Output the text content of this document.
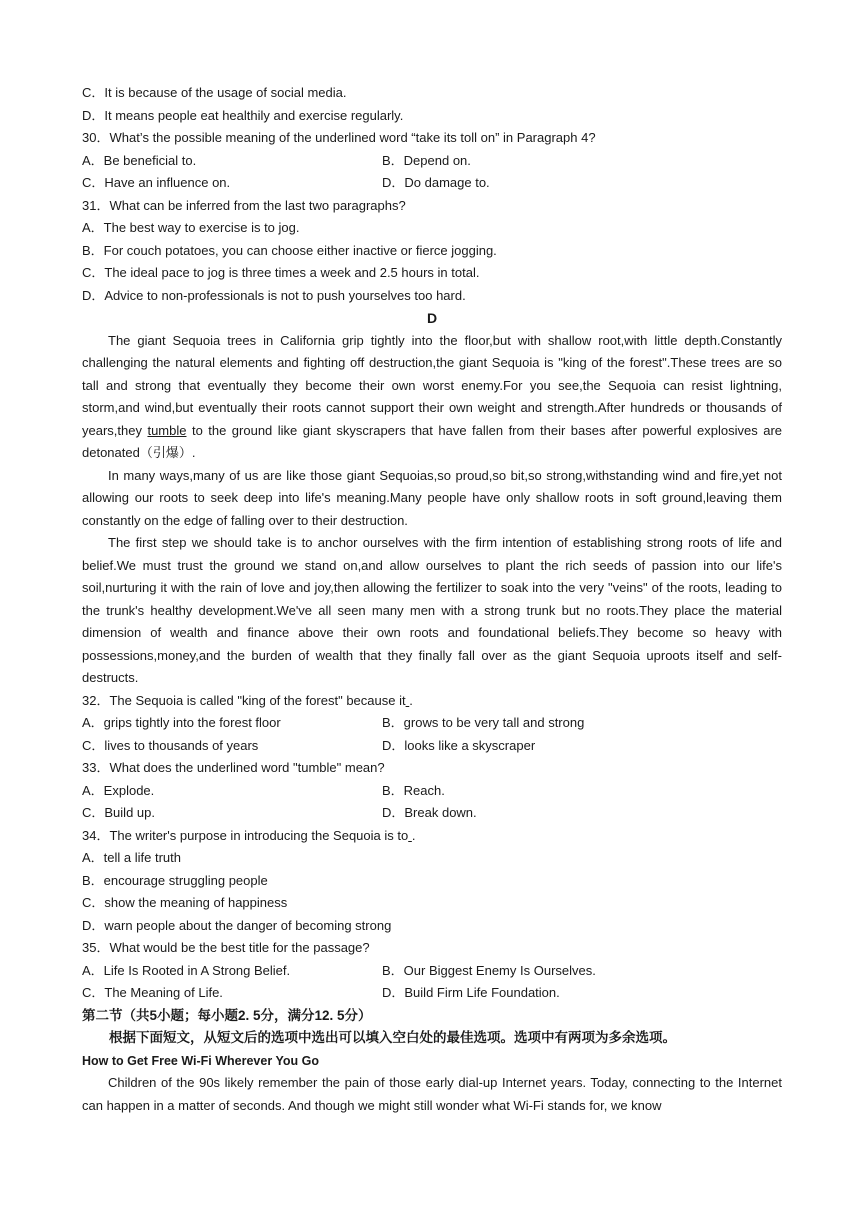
C．It is because of the usage of social media.
D．It means people eat healthily and exercise regularly.
30．What’s the possible meaning of the underlined word “take its toll on” in Paragraph 4?
A．Be beneficial to.	B．Depend on.
C．Have an influence on.	D．Do damage to.
31．What can be inferred from the last two paragraphs?
A．The best way to exercise is to jog.
B．For couch potatoes, you can choose either inactive or fierce jogging.
C．The ideal pace to jog is three times a week and 2.5 hours in total.
D．Advice to non-professionals is not to push yourselves too hard.
D

The giant Sequoia trees in California grip tightly into the floor,but with shallow root,with little depth.Constantly challenging the natural elements and fighting off destruction,the giant Sequoia is "king of the forest".These trees are so tall and strong that eventually they become their own worst enemy.For you see,the Sequoia can resist lightning, storm,and wind,but eventually their roots cannot support their own weight and strength.After hundreds or thousands of years,they tumble to the ground like giant skyscrapers that have fallen from their bases after powerful explosives are detonated（引爆）.

In many ways,many of us are like those giant Sequoias,so proud,so bit,so strong,withstanding wind and fire,yet not allowing our roots to seek deep into life's meaning.Many people have only shallow roots in soft ground,leaving them constantly on the edge of falling over to their destruction.

The first step we should take is to anchor ourselves with the firm intention of establishing strong roots of life and belief.We must trust the ground we stand on,and allow ourselves to plant the rich seeds of passion into our life's soil,nurturing it with the rain of love and joy,then allowing the fertilizer to soak into the very "veins" of the roots, leading to the trunk's healthy development.We've all seen many men with a strong trunk but no roots.They place the material dimension of wealth and finance above their own roots and foundational beliefs.They become so heavy with possessions,money,and the burden of wealth that they finally fall over as the giant Sequoia uproots itself and self-destructs.

32．The Sequoia is called "king of the forest" because it .
A．grips tightly into the forest floor	B．grows to be very tall and strong
C．lives to thousands of years	D．looks like a skyscraper
33．What does the underlined word "tumble" mean?
A．Explode.	B．Reach.
C．Build up.	D．Break down.
34．The writer's purpose in introducing the Sequoia is to .
A．tell a life truth
B．encourage struggling people
C．show the meaning of happiness
D．warn people about the danger of becoming strong
35．What would be the best title for the passage?
A．Life Is Rooted in A Strong Belief.	B．Our Biggest Enemy Is Ourselves.
C．The Meaning of Life.	D．Build Firm Life Foundation.
第二节（共5小题；每小题2. 5分，满分12. 5分）
根据下面短文，从短文后的选项中选出可以填入空白处的最佳选项。选项中有两项为多余选项。
How to Get Free Wi-Fi Wherever You Go

Children of the 90s likely remember the pain of those early dial-up Internet years. Today, connecting to the Internet can happen in a matter of seconds. And though we might still wonder what Wi-Fi stands for, we know
